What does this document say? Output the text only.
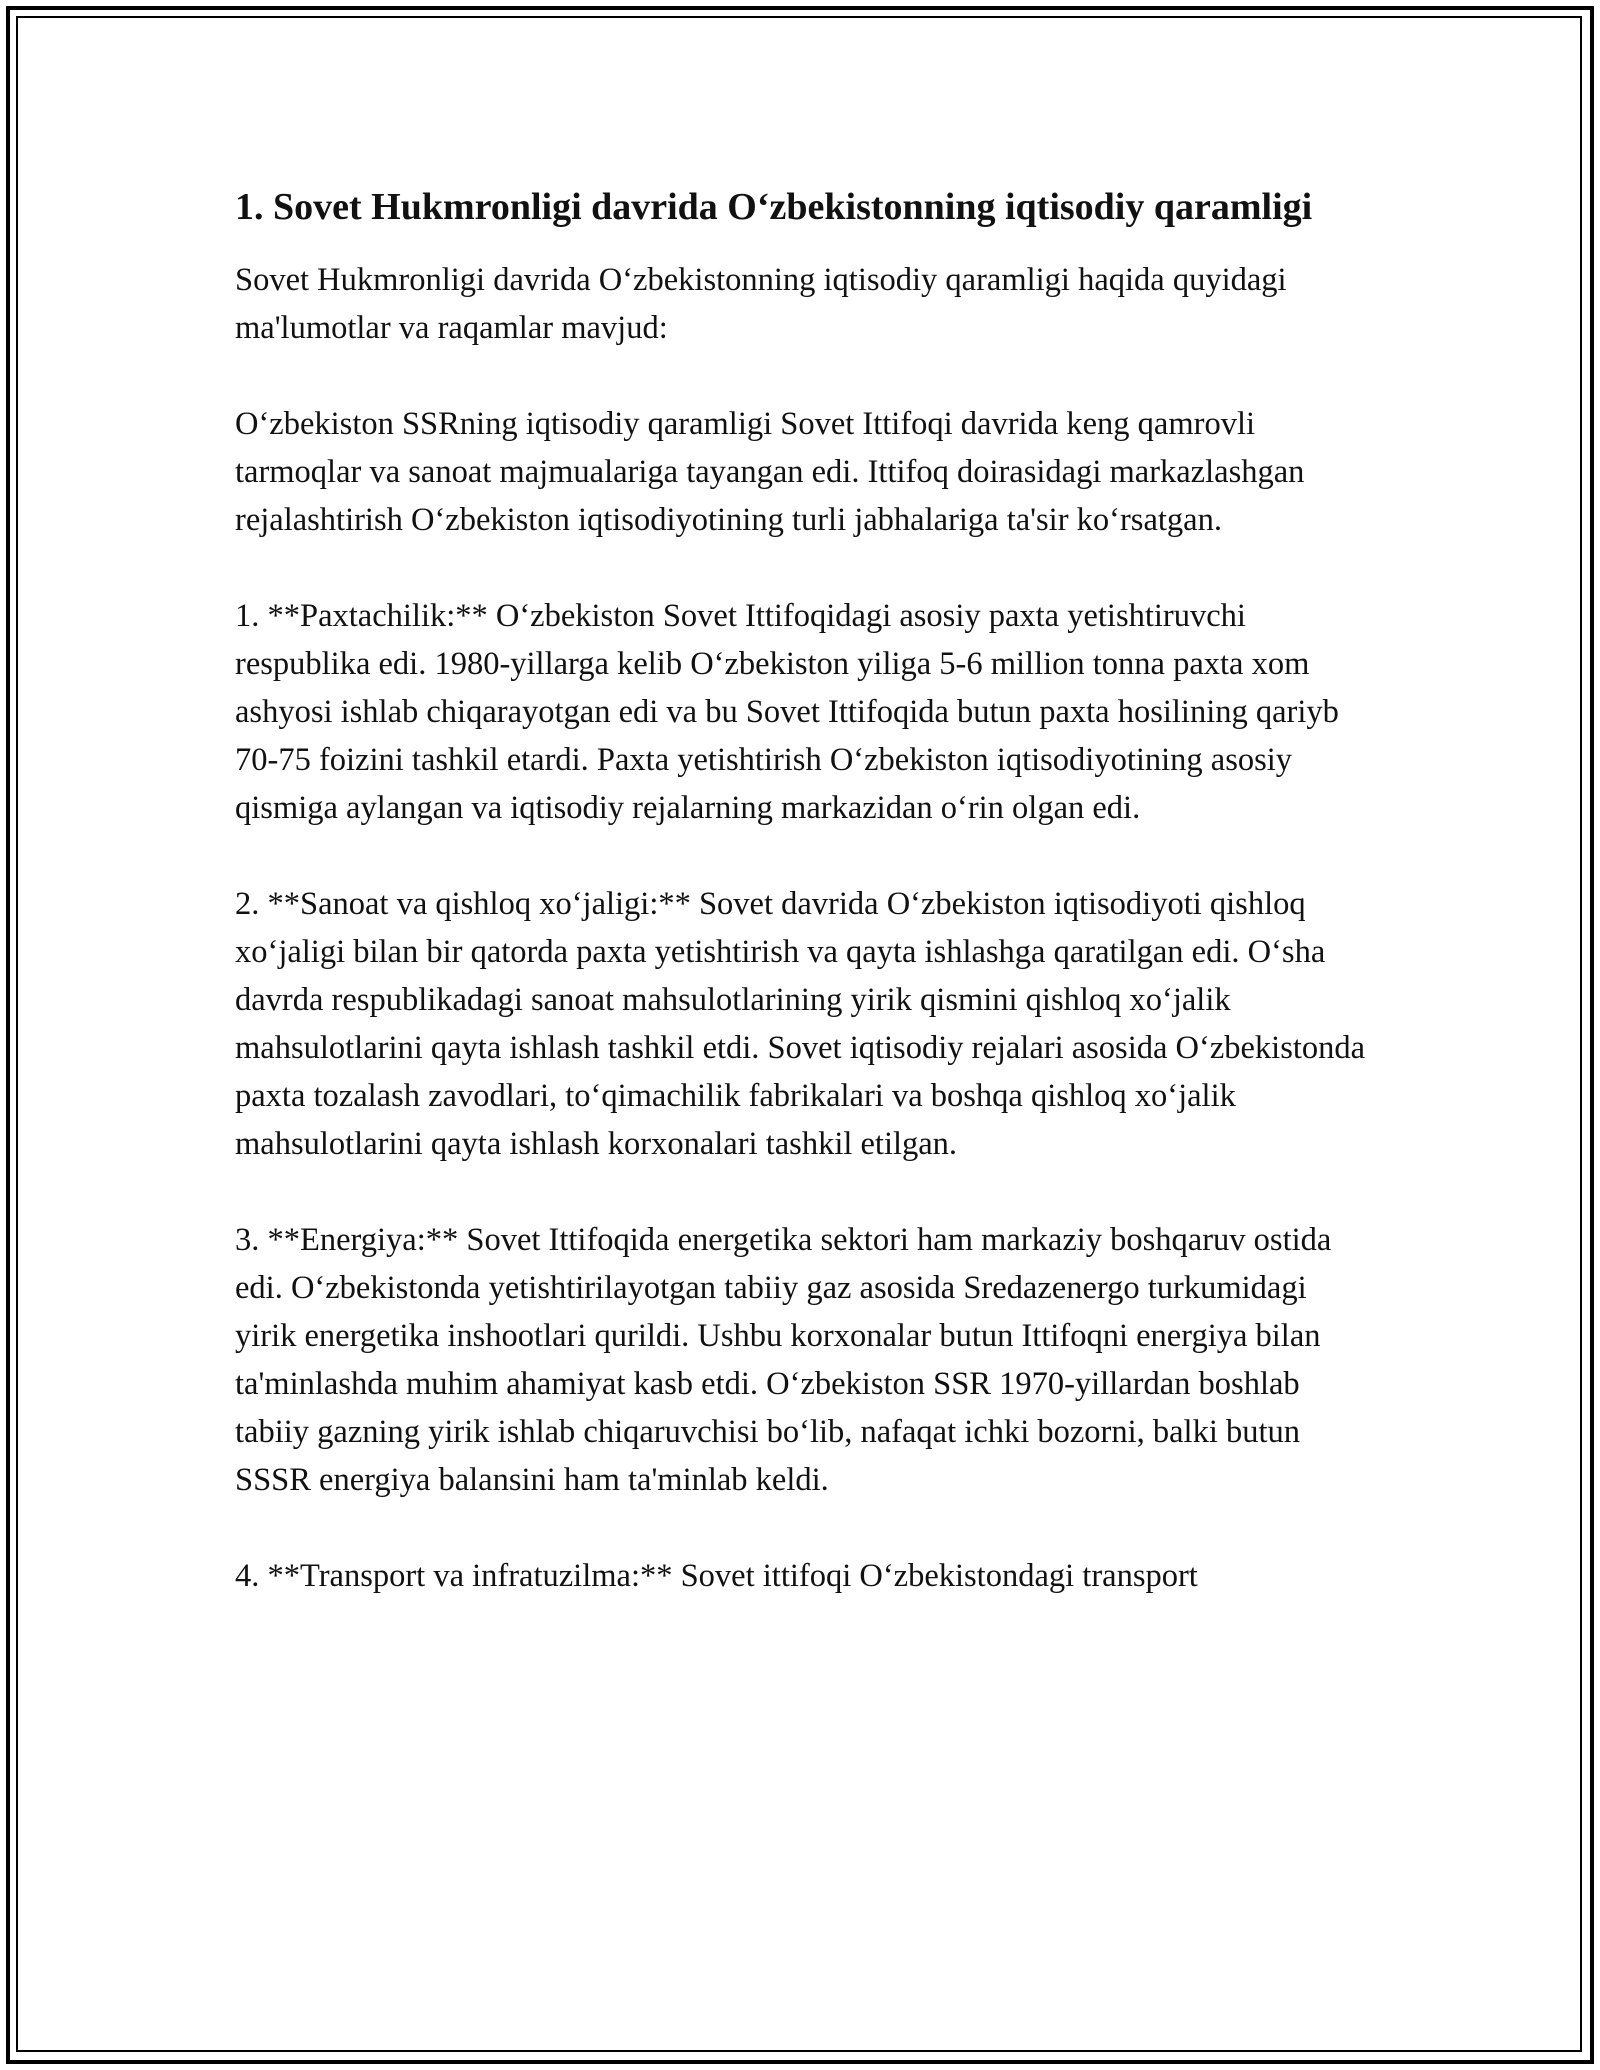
1. Sovet Hukmronligi davrida O‘zbekistonning iqtisodiy qaramligi

Sovet Hukmronligi davrida O‘zbekistonning iqtisodiy qaramligi haqida quyidagi ma'lumotlar va raqamlar mavjud:

O‘zbekiston SSRning iqtisodiy qaramligi Sovet Ittifoqi davrida keng qamrovli tarmoqlar va sanoat majmualariga tayangan edi. Ittifoq doirasidagi markazlashgan rejalashtirish O‘zbekiston iqtisodiyotining turli jabhalariga ta'sir ko‘rsatgan.

1. **Paxtachilik:** O‘zbekiston Sovet Ittifoqidagi asosiy paxta yetishtiruvchi respublika edi. 1980-yillarga kelib O‘zbekiston yiliga 5-6 million tonna paxta xom ashyosi ishlab chiqarayotgan edi va bu Sovet Ittifoqida butun paxta hosilining qariyb 70-75 foizini tashkil etardi. Paxta yetishtirish O‘zbekiston iqtisodiyotining asosiy qismiga aylangan va iqtisodiy rejalarning markazidan o‘rin olgan edi.

2. **Sanoat va qishloq xo‘jaligi:** Sovet davrida O‘zbekiston iqtisodiyoti qishloq xo‘jaligi bilan bir qatorda paxta yetishtirish va qayta ishlashga qaratilgan edi. O‘sha davrda respublikadagi sanoat mahsulotlarining yirik qismini qishloq xo‘jalik mahsulotlarini qayta ishlash tashkil etdi. Sovet iqtisodiy rejalari asosida O‘zbekistonda paxta tozalash zavodlari, to‘qimachilik fabrikalari va boshqa qishloq xo‘jalik mahsulotlarini qayta ishlash korxonalari tashkil etilgan.

3. **Energiya:** Sovet Ittifoqida energetika sektori ham markaziy boshqaruv ostida edi. O‘zbekistonda yetishtirilayotgan tabiiy gaz asosida Sredazenergo turkumidagi yirik energetika inshootlari qurildi. Ushbu korxonalar butun Ittifoqni energiya bilan ta'minlashda muhim ahamiyat kasb etdi. O‘zbekiston SSR 1970-yillardan boshlab tabiiy gazning yirik ishlab chiqaruvchisi bo‘lib, nafaqat ichki bozorni, balki butun SSSR energiya balansini ham ta'minlab keldi.

4. **Transport va infratuzilma:** Sovet ittifoqi O‘zbekistondagi transport
